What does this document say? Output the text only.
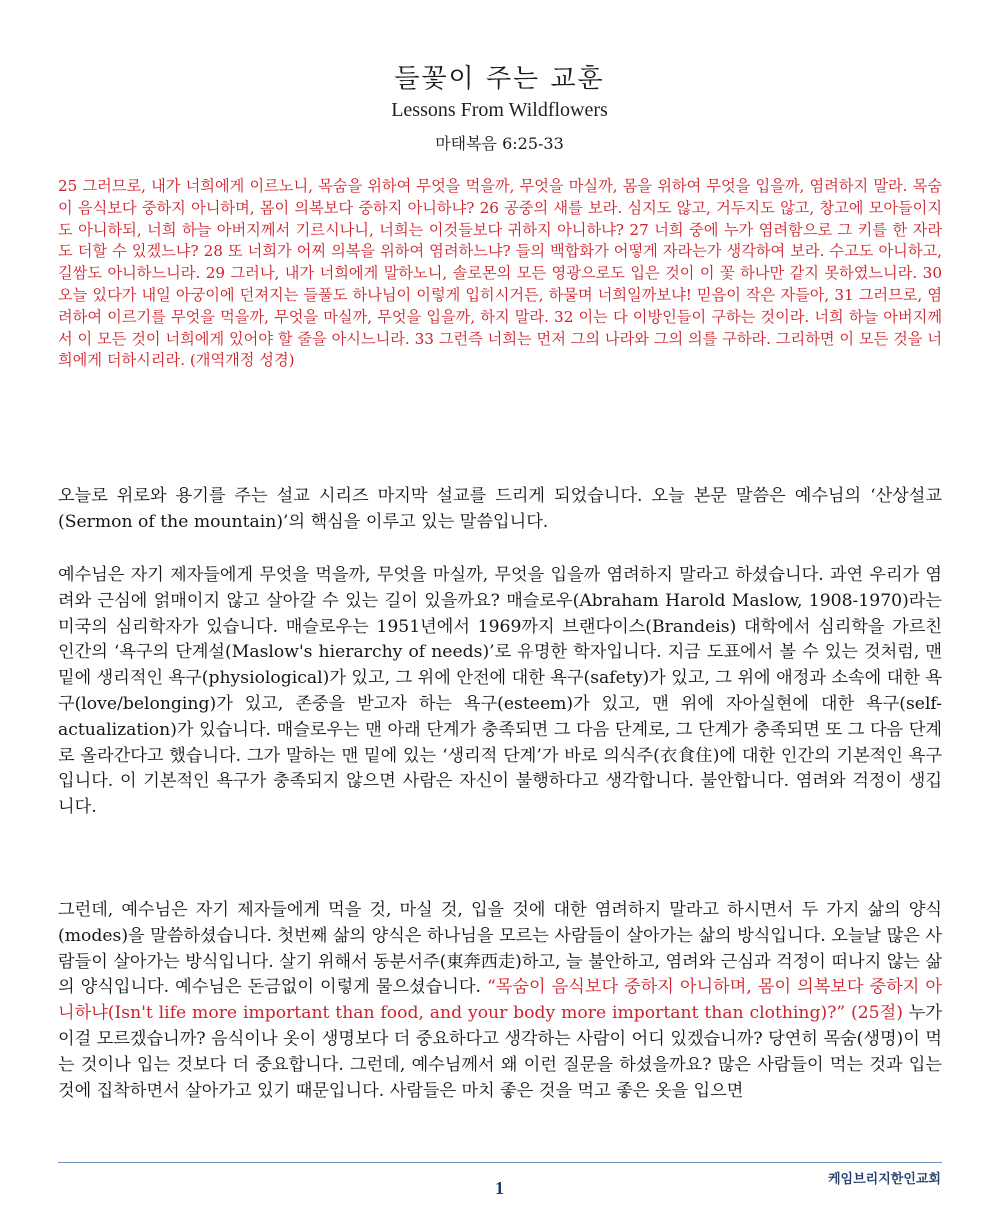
들꽃이 주는 교훈
Lessons From Wildflowers
마태복음 6:25-33

25 그러므로, 내가 너희에게 이르노니, 목숨을 위하여 무엇을 먹을까, 무엇을 마실까, 몸을 위하여 무엇을 입을까, 염려하지 말라. 목숨이 음식보다 중하지 아니하며, 몸이 의복보다 중하지 아니하냐? 26 공중의 새를 보라. 심지도 않고, 거두지도 않고, 창고에 모아들이지도 아니하되, 너희 하늘 아버지께서 기르시나니, 너희는 이것들보다 귀하지 아니하냐? 27 너희 중에 누가 염려함으로 그 키를 한 자라도 더할 수 있겠느냐? 28 또 너희가 어찌 의복을 위하여 염려하느냐? 들의 백합화가 어떻게 자라는가 생각하여 보라. 수고도 아니하고, 길쌈도 아니하느니라. 29 그러나, 내가 너희에게 말하노니, 솔로몬의 모든 영광으로도 입은 것이 이 꽃 하나만 같지 못하였느니라. 30 오늘 있다가 내일 아궁이에 던져지는 들풀도 하나님이 이렇게 입히시거든, 하물며 너희일까보냐! 믿음이 작은 자들아, 31 그러므로, 염려하여 이르기를 무엇을 먹을까, 무엇을 마실까, 무엇을 입을까, 하지 말라. 32 이는 다 이방인들이 구하는 것이라. 너희 하늘 아버지께서 이 모든 것이 너희에게 있어야 할 줄을 아시느니라. 33 그런즉 너희는 먼저 그의 나라와 그의 의를 구하라. 그리하면 이 모든 것을 너희에게 더하시리라. (개역개정 성경)

오늘로 위로와 용기를 주는 설교 시리즈 마지막 설교를 드리게 되었습니다. 오늘 본문 말씀은 예수님의 ‘산상설교(Sermon of the mountain)’의 핵심을 이루고 있는 말씀입니다.

예수님은 자기 제자들에게 무엇을 먹을까, 무엇을 마실까, 무엇을 입을까 염려하지 말라고 하셨습니다. 과연 우리가 염려와 근심에 얽매이지 않고 살아갈 수 있는 길이 있을까요? 매슬로우(Abraham Harold Maslow, 1908-1970)라는 미국의 심리학자가 있습니다. 매슬로우는 1951년에서 1969까지 브랜다이스(Brandeis) 대학에서 심리학을 가르친 인간의 ‘욕구의 단계설(Maslow's hierarchy of needs)’로 유명한 학자입니다. 지금 도표에서 볼 수 있는 것처럼, 맨 밑에 생리적인 욕구(physiological)가 있고, 그 위에 안전에 대한 욕구(safety)가 있고, 그 위에 애정과 소속에 대한 욕구(love/belonging)가 있고, 존중을 받고자 하는 욕구(esteem)가 있고, 맨 위에 자아실현에 대한 욕구(self-actualization)가 있습니다. 매슬로우는 맨 아래 단계가 충족되면 그 다음 단계로, 그 단계가 충족되면 또 그 다음 단계로 올라간다고 했습니다. 그가 말하는 맨 밑에 있는 ‘생리적 단계’가 바로 의식주(衣食住)에 대한 인간의 기본적인 욕구입니다. 이 기본적인 욕구가 충족되지 않으면 사람은 자신이 불행하다고 생각합니다. 불안합니다. 염려와 걱정이 생깁니다.

그런데, 예수님은 자기 제자들에게 먹을 것, 마실 것, 입을 것에 대한 염려하지 말라고 하시면서 두 가지 삶의 양식(modes)을 말씀하셨습니다. 첫번째 삶의 양식은 하나님을 모르는 사람들이 살아가는 삶의 방식입니다. 오늘날 많은 사람들이 살아가는 방식입니다. 살기 위해서 동분서주(東奔西走)하고, 늘 불안하고, 염려와 근심과 걱정이 떠나지 않는 삶의 양식입니다. 예수님은 돈금없이 이렇게 물으셨습니다. “목숨이 음식보다 중하지 아니하며, 몸이 의복보다 중하지 아니하냐(Isn't life more important than food, and your body more important than clothing)?” (25절) 누가 이걸 모르겠습니까? 음식이나 옷이 생명보다 더 중요하다고 생각하는 사람이 어디 있겠습니까? 당연히 목숨(생명)이 먹는 것이나 입는 것보다 더 중요합니다. 그런데, 예수님께서 왜 이런 질문을 하셨을까요? 많은 사람들이 먹는 것과 입는 것에 집착하면서 살아가고 있기 때문입니다. 사람들은 마치 좋은 것을 먹고 좋은 옷을 입으면

케임브리지한인교회
1
